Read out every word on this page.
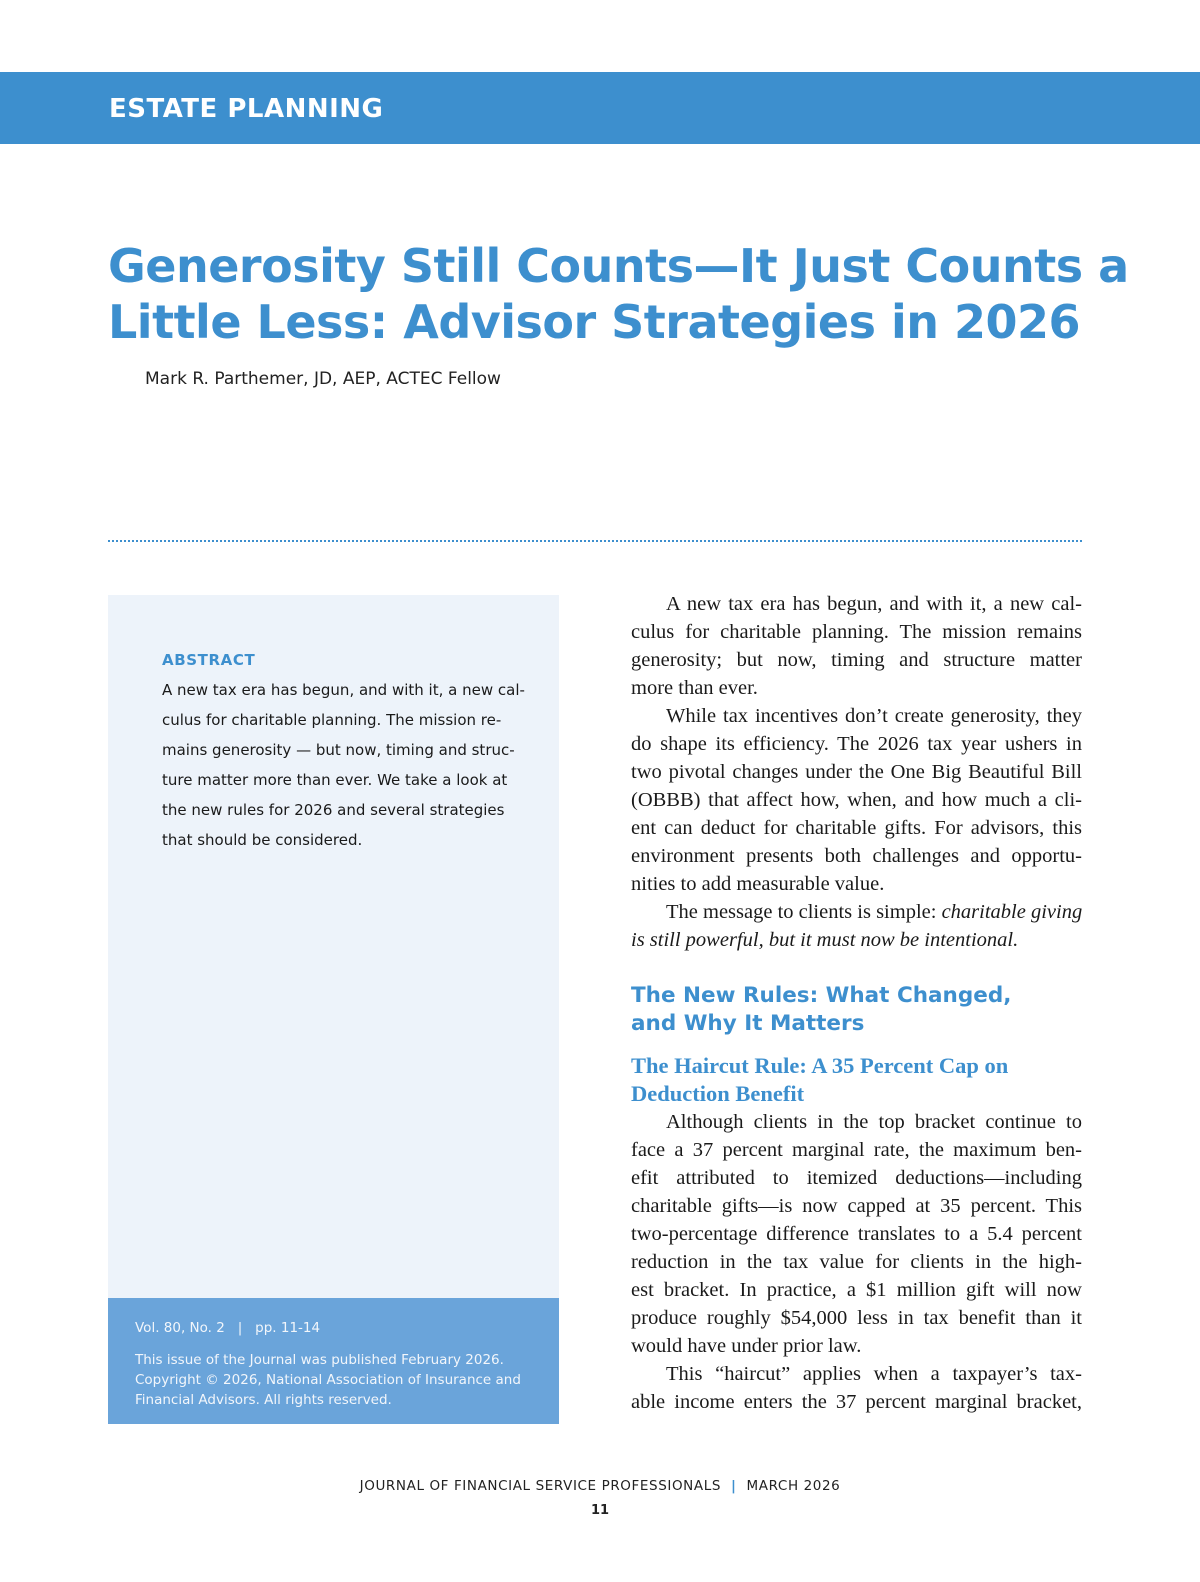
ESTATE PLANNING
Generosity Still Counts—It Just Counts a
Little Less: Advisor Strategies in 2026
Mark R. Parthemer, JD, AEP, ACTEC Fellow
ABSTRACT
A new tax era has begun, and with it, a new cal-
culus for charitable planning. The mission re-
mains generosity — but now, timing and struc-
ture matter more than ever. We take a look at
the new rules for 2026 and several strategies
that should be considered.
Vol. 80, No. 2 | pp. 11-14
This issue of the Journal was published February 2026.
Copyright © 2026, National Association of Insurance and
Financial Advisors. All rights reserved.
A new tax era has begun, and with it, a new cal-
culus for charitable planning. The mission remains
generosity; but now, timing and structure matter
more than ever.
While tax incentives don’t create generosity, they
do shape its efficiency. The 2026 tax year ushers in
two pivotal changes under the One Big Beautiful Bill
(OBBB) that affect how, when, and how much a cli-
ent can deduct for charitable gifts. For advisors, this
environment presents both challenges and opportu-
nities to add measurable value.
The message to clients is simple: charitable giving
is still powerful, but it must now be intentional.
The New Rules: What Changed,
and Why It Matters
The Haircut Rule: A 35 Percent Cap on
Deduction Benefit
Although clients in the top bracket continue to
face a 37 percent marginal rate, the maximum ben-
efit attributed to itemized deductions—including
charitable gifts—is now capped at 35 percent. This
two-percentage difference translates to a 5.4 percent
reduction in the tax value for clients in the high-
est bracket. In practice, a $1 million gift will now
produce roughly $54,000 less in tax benefit than it
would have under prior law.
This “haircut” applies when a taxpayer’s tax-
able income enters the 37 percent marginal bracket,
JOURNAL OF FINANCIAL SERVICE PROFESSIONALS | MARCH 2026
11
